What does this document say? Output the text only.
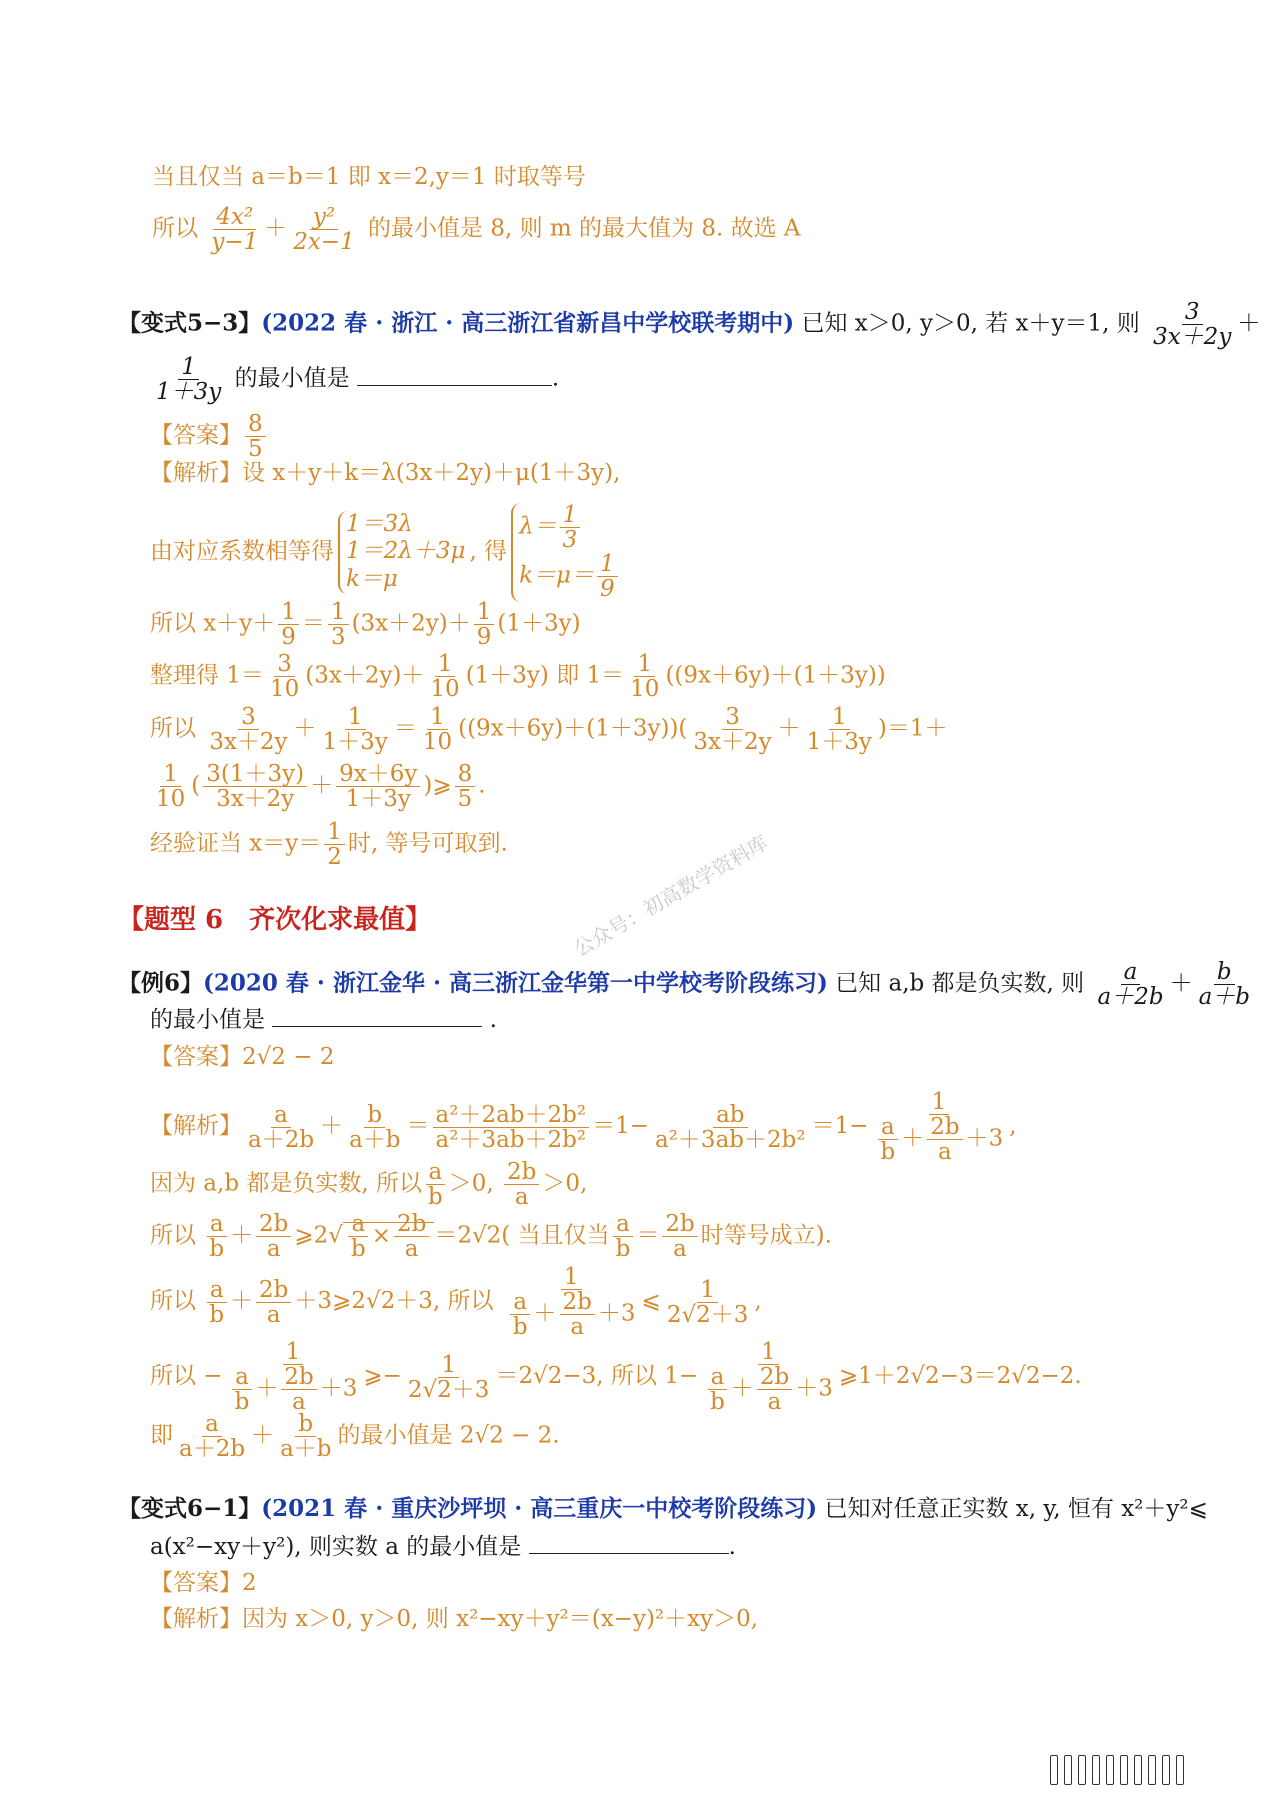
当且仅当 a＝b＝1 即 x＝2,y＝1 时取等号
所以 $\frac{\text{4x²}}{y-1} + \frac{\text{y²}}{2x-1}$ 的最小值是 8, 则 m 的最大值为 8. 故选 A
【变式5−3】(2022 春 · 浙江 · 高三浙江省新昌中学校联考期中) 已知 x＞0, y＞0, 若 x＋y＝1, 则 $\frac{3}{3x+2y}$ ＋
$\frac{1}{1+3y}$ 的最小值是	.
【答案】 $\frac{8}{5}$
【解析】设 x＋y＋k＝λ(3x＋2y)＋μ(1＋3y),
由对应系数相等得
1＝3λ
1＝2λ＋3μ
k＝μ
, 得
$\lambda= \frac{1}{3}$
$k=\mu= \frac{1}{9}$
所以 $x+y+ \frac{1}{9} = \frac{1}{3} (3x+2y)+ \frac{1}{9} (1+3y)$
整理得 $1= \frac{3}{10} (3x+2y)+ \frac{1}{10} (1+3y)$ 即 $1= \frac{1}{10} ((9x+6y)+(1+3y))$
所以 $\frac{3}{3x+2y} + \frac{1}{1+3y} = \frac{1}{10} ((9x+6y)+(1+3y))( \frac{3}{3x+2y} + \frac{1}{1+3y} )=1+$
$\frac{1}{10}$ ( $\frac{3(1+3y)}{3x+2y} + \frac{9x+6y}{1+3y}$ )⩾ $\frac{8}{5}$ .
经验证当 $x=y= \frac{1}{2}$ 时, 等号可取到.
【题型 6　齐次化求最值】
【例6】(2020 春 · 浙江金华 · 高三浙江金华第一中学校考阶段练习) 已知 a,b 都是负实数, 则 $\frac{a}{a+2b} + \frac{b}{a+b}$
的最小值是	.
【答案】2√2 − 2
【解析】 $\frac{a}{a+2b} + \frac{b}{a+b} = \frac{\text{a²＋2ab＋2b²}}{\text{a²＋3ab＋2b²}} =1- \frac{ab}{\text{a²＋3ab＋2b²}} =1- \frac{1}{\frac{a}{b} + \frac{2b}{a} +3}$ ,
因为 a,b 都是负实数, 所以 $\frac{a}{b} >0$, $\frac{2b}{a} >0$,
所以 $\frac{a}{b} + \frac{2b}{a}$ ⩾2√ $\frac{a}{b} \times \frac{2b}{a} =2√2$( 当且仅当 $\frac{a}{b} = \frac{2b}{a}$ 时等号成立).
所以 $\frac{a}{b} + \frac{2b}{a}$ ＋3⩾2√2＋3, 所以 $\frac{1}{\frac{a}{b} + \frac{2b}{a} +3}$ ⩽ $\frac{1}{2√2+3}$ ,
所以 − $\frac{1}{\frac{a}{b} + \frac{2b}{a} +3}$ ⩾− $\frac{1}{2√2+3} =2√2-3$, 所以 $1- \frac{1}{\frac{a}{b} + \frac{2b}{a} +3}$ ⩾1＋2√2−3＝2√2−2.
即 $\frac{a}{a+2b} + \frac{b}{a+b}$ 的最小值是 2√2 − 2.
【变式6−1】(2021 春 · 重庆沙坪坝 · 高三重庆一中校考阶段练习) 已知对任意正实数 x, y, 恒有 x²＋y²⩽
a(x²−xy＋y²), 则实数 a 的最小值是	.
【答案】2
【解析】因为 x＞0, y＞0, 则 x²−xy＋y²＝(x−y)²＋xy＞0,
公众号：初高数学资料库
